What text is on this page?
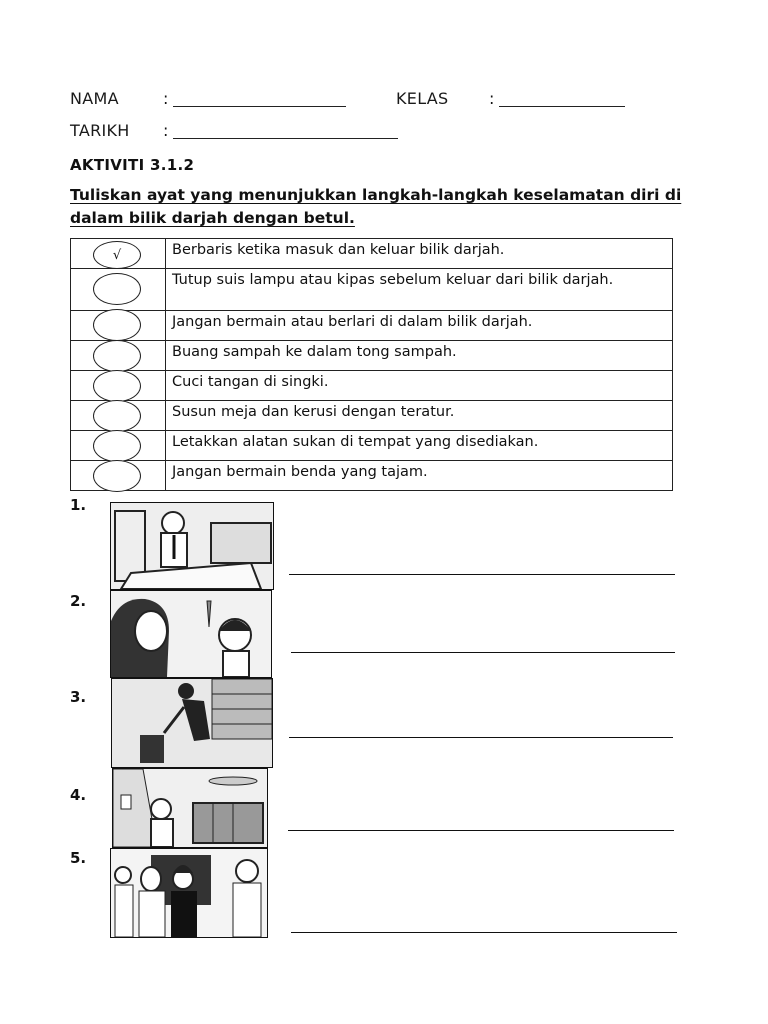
NAMA	:	KELAS	:
TARIKH :
AKTIVITI 3.1.2
Tuliskan ayat yang menunjukkan langkah-langkah keselamatan diri di
dalam bilik darjah dengan betul.
√	Berbaris ketika masuk dan keluar bilik darjah.

	Tutup suis lampu atau kipas sebelum keluar dari bilik darjah.

	Jangan bermain atau berlari di dalam bilik darjah.

	Buang sampah ke dalam tong sampah.

	Cuci tangan di singki.

	Susun meja dan kerusi dengan teratur.

	Letakkan alatan sukan di tempat yang disediakan.

	Jangan bermain benda yang tajam.
1.
2.
3.
4.
5.
